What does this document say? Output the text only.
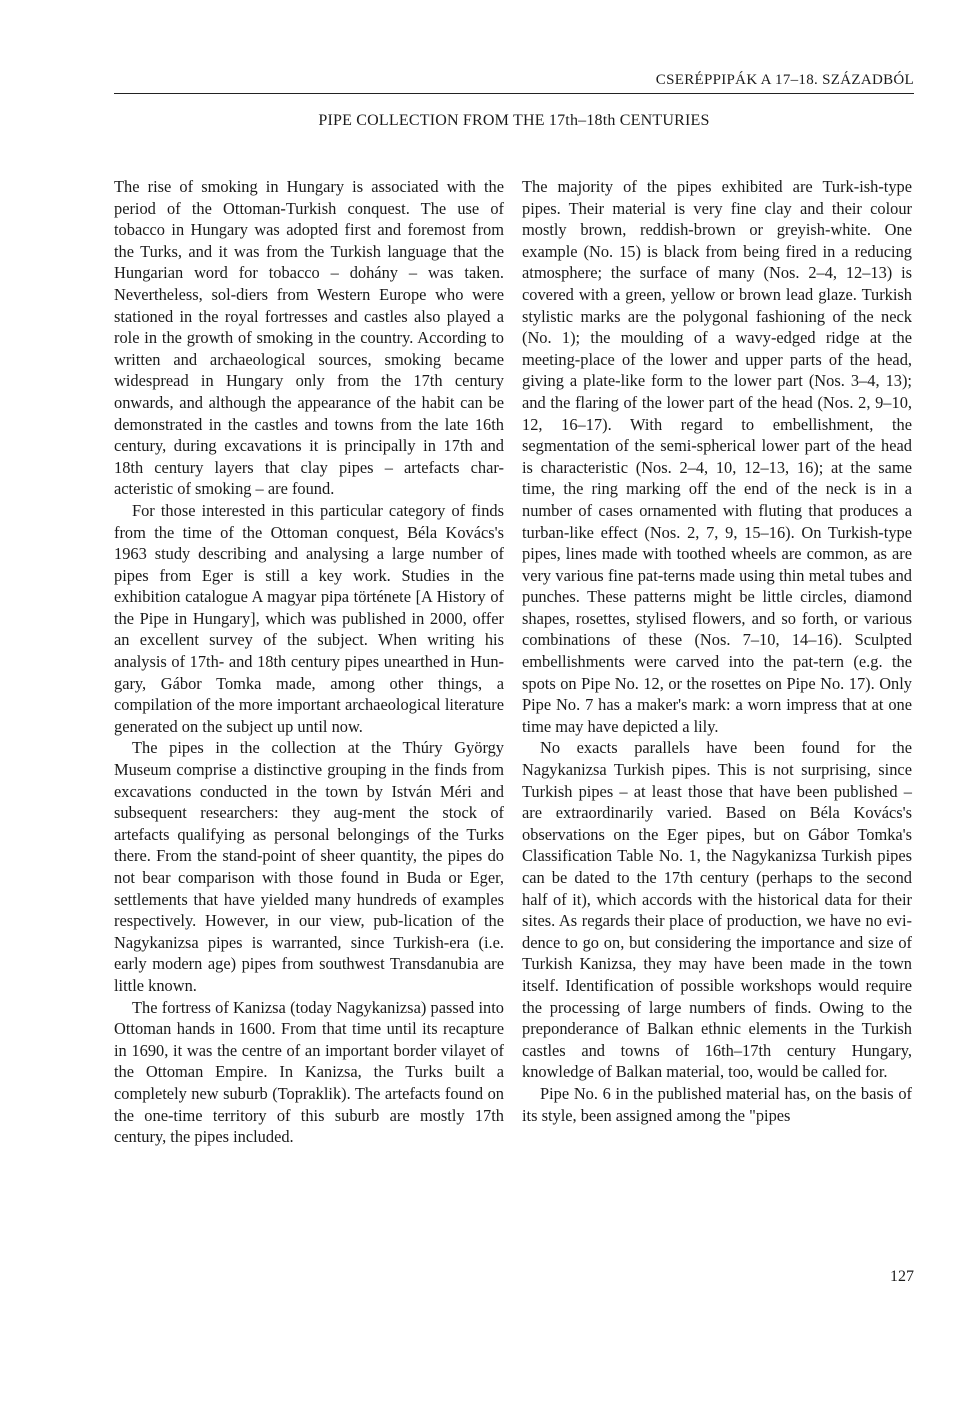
CSERÉPPIPÁK A 17–18. SZÁZADBÓL
PIPE COLLECTION FROM THE 17th–18th CENTURIES

The rise of smoking in Hungary is associated with the period of the Ottoman-Turkish conquest. The use of tobacco in Hungary was adopted first and foremost from the Turks, and it was from the Turkish language that the Hungarian word for tobacco – dohány – was taken. Nevertheless, sol-diers from Western Europe who were stationed in the royal fortresses and castles also played a role in the growth of smoking in the country. According to written and archaeological sources, smoking became widespread in Hungary only from the 17th century onwards, and although the appearance of the habit can be demonstrated in the castles and towns from the late 16th century, during excavations it is principally in 17th and 18th century layers that clay pipes – artefacts char-acteristic of smoking – are found.

For those interested in this particular category of finds from the time of the Ottoman conquest, Béla Kovács's 1963 study describing and analysing a large number of pipes from Eger is still a key work. Studies in the exhibition catalogue A magyar pipa története [A History of the Pipe in Hungary], which was published in 2000, offer an excellent survey of the subject. When writing his analysis of 17th- and 18th century pipes unearthed in Hun-gary, Gábor Tomka made, among other things, a compilation of the more important archaeological literature generated on the subject up until now.

The pipes in the collection at the Thúry György Museum comprise a distinctive grouping in the finds from excavations conducted in the town by István Méri and subsequent researchers: they aug-ment the stock of artefacts qualifying as personal belongings of the Turks there. From the stand-point of sheer quantity, the pipes do not bear comparison with those found in Buda or Eger, settlements that have yielded many hundreds of examples respectively. However, in our view, pub-lication of the Nagykanizsa pipes is warranted, since Turkish-era (i.e. early modern age) pipes from southwest Transdanubia are little known.

The fortress of Kanizsa (today Nagykanizsa) passed into Ottoman hands in 1600. From that time until its recapture in 1690, it was the centre of an important border vilayet of the Ottoman Empire. In Kanizsa, the Turks built a completely new suburb (Topraklik). The artefacts found on the one-time territory of this suburb are mostly 17th century, the pipes included.

The majority of the pipes exhibited are Turk-ish-type pipes. Their material is very fine clay and their colour mostly brown, reddish-brown or greyish-white. One example (No. 15) is black from being fired in a reducing atmosphere; the surface of many (Nos. 2–4, 12–13) is covered with a green, yellow or brown lead glaze. Turkish stylistic marks are the polygonal fashioning of the neck (No. 1); the moulding of a wavy-edged ridge at the meeting-place of the lower and upper parts of the head, giving a plate-like form to the lower part (Nos. 3–4, 13); and the flaring of the lower part of the head (Nos. 2, 9–10, 12, 16–17). With regard to embellishment, the segmentation of the semi-spherical lower part of the head is characteristic (Nos. 2–4, 10, 12–13, 16); at the same time, the ring marking off the end of the neck is in a number of cases ornamented with fluting that produces a turban-like effect (Nos. 2, 7, 9, 15–16). On Turkish-type pipes, lines made with toothed wheels are common, as are very various fine pat-terns made using thin metal tubes and punches. These patterns might be little circles, diamond shapes, rosettes, stylised flowers, and so forth, or various combinations of these (Nos. 7–10, 14–16). Sculpted embellishments were carved into the pat-tern (e.g. the spots on Pipe No. 12, or the rosettes on Pipe No. 17). Only Pipe No. 7 has a maker's mark: a worn impress that at one time may have depicted a lily.

No exacts parallels have been found for the Nagykanizsa Turkish pipes. This is not surprising, since Turkish pipes – at least those that have been published – are extraordinarily varied. Based on Béla Kovács's observations on the Eger pipes, but on Gábor Tomka's Classification Table No. 1, the Nagykanizsa Turkish pipes can be dated to the 17th century (perhaps to the second half of it), which accords with the historical data for their sites. As regards their place of production, we have no evi-dence to go on, but considering the importance and size of Turkish Kanizsa, they may have been made in the town itself. Identification of possible workshops would require the processing of large numbers of finds. Owing to the preponderance of Balkan ethnic elements in the Turkish castles and towns of 16th–17th century Hungary, knowledge of Balkan material, too, would be called for.

Pipe No. 6 in the published material has, on the basis of its style, been assigned among the "pipes

127
